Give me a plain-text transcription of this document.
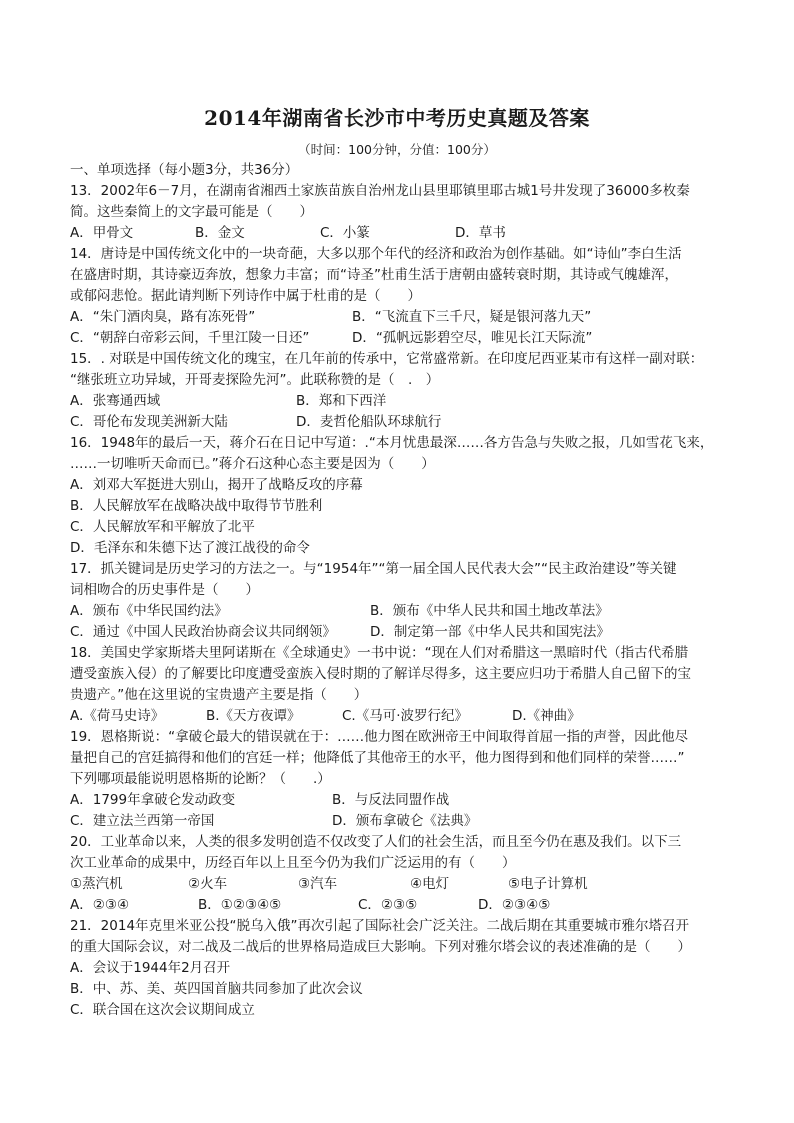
2014年湖南省长沙市中考历史真题及答案
（时间：100分钟，分值：100分）
一、单项选择（每小题3分，共36分）
13．2002年6－7月，在湖南省湘西土家族苗族自治州龙山县里耶镇里耶古城1号井发现了36000多枚秦
简。这些秦简上的文字最可能是（　　）
A．甲骨文	B．金文	C．小篆	D．草书
14．唐诗是中国传统文化中的一块奇葩，大多以那个年代的经济和政治为创作基础。如“诗仙”李白生活
在盛唐时期，其诗豪迈奔放，想象力丰富；而“诗圣”杜甫生活于唐朝由盛转衰时期，其诗或气魄雄浑，
或郁闷悲怆。据此请判断下列诗作中属于杜甫的是（　　）
A．“朱门酒肉臭，路有冻死骨”	B．“飞流直下三千尺，疑是银河落九天”
C．“朝辞白帝彩云间，千里江陵一日还”	D．“孤帆远影碧空尽，唯见长江天际流”
15．. 对联是中国传统文化的瑰宝，在几年前的传承中，它常盛常新。在印度尼西亚某市有这样一副对联：
“继张班立功异域，开哥麦探险先河”。此联称赞的是（　.　）
A．张骞通西域	B．郑和下西洋
C．哥伦布发现美洲新大陆	D．麦哲伦船队环球航行
16．1948年的最后一天，蒋介石在日记中写道：.“本月忧患最深……各方告急与失败之报，几如雪花飞来，
……一切唯听天命而已。”蒋介石这种心态主要是因为（　　）
A．刘邓大军挺进大别山，揭开了战略反攻的序幕
B．人民解放军在战略决战中取得节节胜利
C．人民解放军和平解放了北平
D．毛泽东和朱德下达了渡江战役的命令
17．抓关键词是历史学习的方法之一。与“1954年”“第一届全国人民代表大会”“民主政治建设”等关键
词相吻合的历史事件是（　　）
A．颁布《中华民国约法》	B．颁布《中华人民共和国土地改革法》
C．通过《中国人民政治协商会议共同纲领》	D．制定第一部《中华人民共和国宪法》
18．美国史学家斯塔夫里阿诺斯在《全球通史》一书中说：“现在人们对希腊这一黑暗时代（指古代希腊
遭受蛮族入侵）的了解要比印度遭受蛮族入侵时期的了解详尽得多，这主要应归功于希腊人自己留下的宝
贵遗产。”他在这里说的宝贵遗产主要是指（　　）
A.《荷马史诗》	B.《天方夜谭》	C.《马可·波罗行纪》	D.《神曲》
19．恩格斯说：“拿破仑最大的错误就在于：……他力图在欧洲帝王中间取得首屈一指的声誉，因此他尽
量把自己的宫廷搞得和他们的宫廷一样；他降低了其他帝王的水平，他力图得到和他们同样的荣誉……”
下列哪项最能说明恩格斯的论断？（　　.）
A．1799年拿破仑发动政变	B．与反法同盟作战
C．建立法兰西第一帝国	D．颁布拿破仑《法典》
20．工业革命以来，人类的很多发明创造不仅改变了人们的社会生活，而且至今仍在惠及我们。以下三
次工业革命的成果中，历经百年以上且至今仍为我们广泛运用的有（　　）
①蒸汽机	②火车	③汽车	④电灯	⑤电子计算机
A．②③④	B．①②③④⑤	C．②③⑤	D．②③④⑤
21．2014年克里米亚公投“脱乌入俄”再次引起了国际社会广泛关注。二战后期在其重要城市雅尔塔召开
的重大国际会议，对二战及二战后的世界格局造成巨大影响。下列对雅尔塔会议的表述准确的是（　　）
A．会议于1944年2月召开
B．中、苏、美、英四国首脑共同参加了此次会议
C．联合国在这次会议期间成立
